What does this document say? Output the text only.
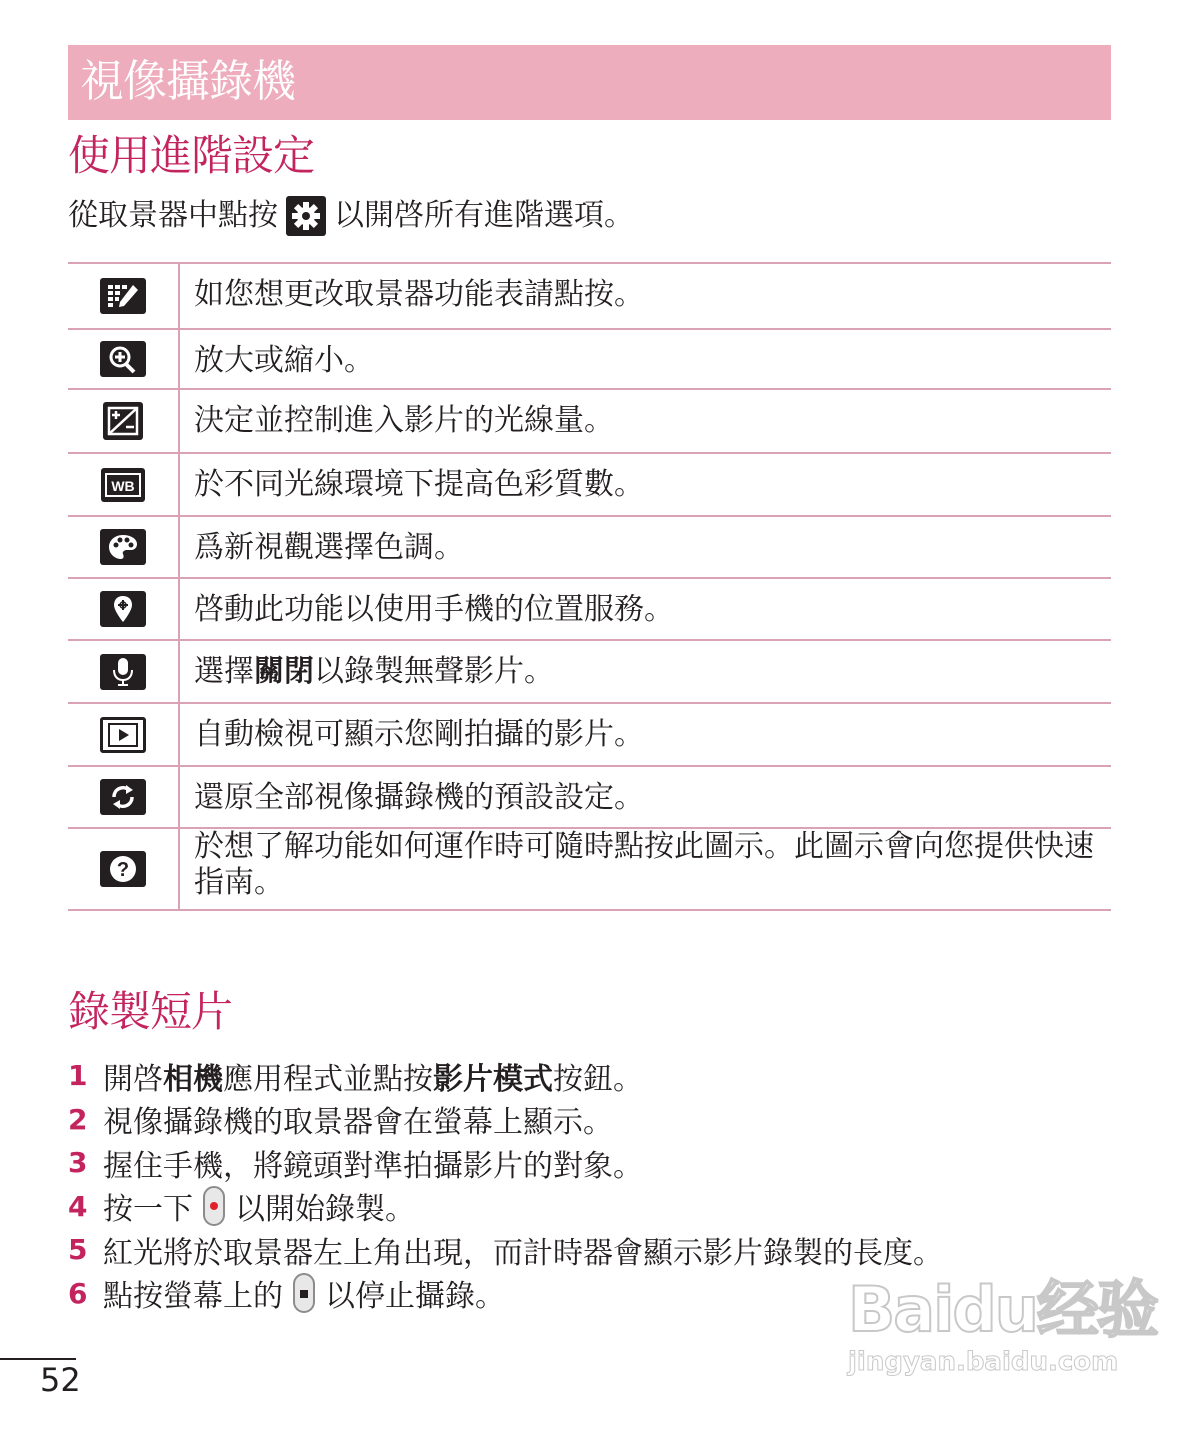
視像攝錄機
使用進階設定
從取景器中點按 以開啓所有進階選項。
如您想更改取景器功能表請點按。
放大或縮小。
決定並控制進入影片的光線量。
WB 於不同光線環境下提高色彩質數。
爲新視觀選擇色調。
啓動此功能以使用手機的位置服務。
選擇關閉以錄製無聲影片。
自動檢視可顯示您剛拍攝的影片。
還原全部視像攝錄機的預設設定。
?
於想了解功能如何運作時可隨時點按此圖示。此圖示會向您提供快速指南。
錄製短片
1 開啓 相機 應用程式並點按 影片模式 按鈕。
2 視像攝錄機的取景器會在螢幕上顯示。
3 握住手機，將鏡頭對準拍攝影片的對象。
4 按一下 以開始錄製。
5 紅光將於取景器左上角出現，而計時器會顯示影片錄製的長度。
6 點按螢幕上的 以停止攝錄。
52
Baidu经验
jingyan.baidu.com
